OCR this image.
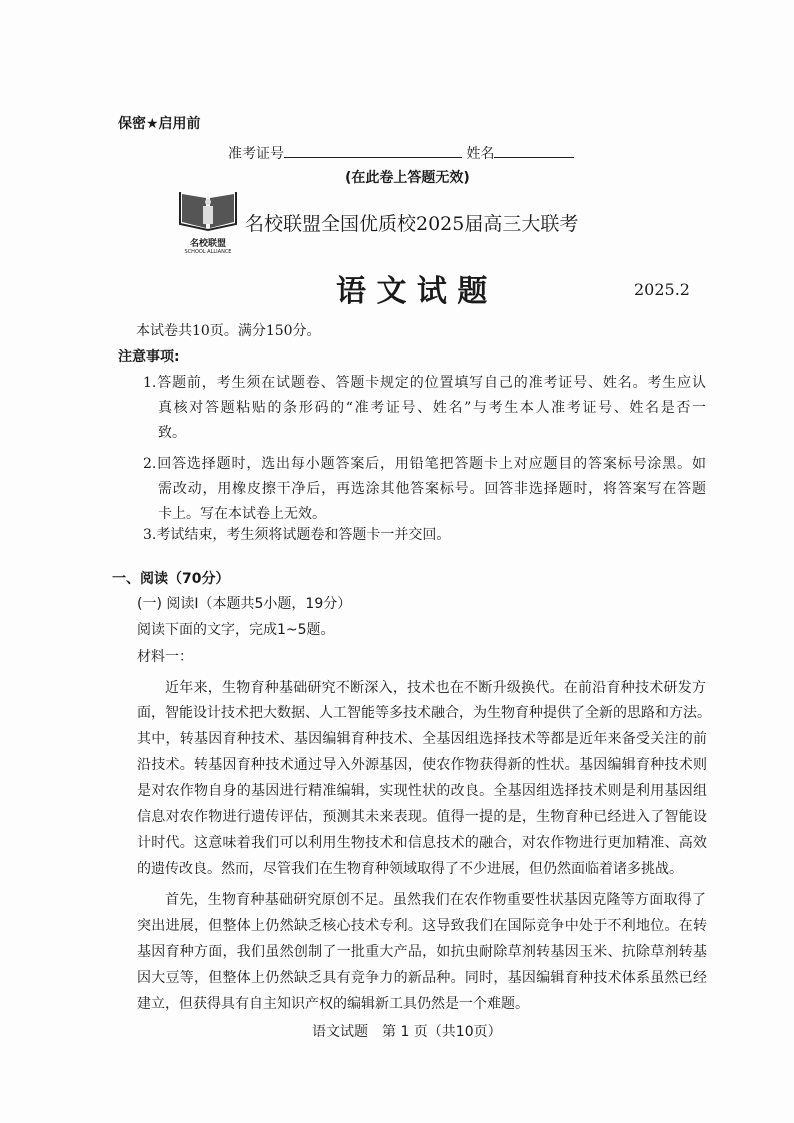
保密★启用前
准考证号	姓名
(在此卷上答题无效)
名校联盟
SCHOOL ALLIANCE
名校联盟全国优质校2025届高三大联考
语 文 试 题	2025.2
本试卷共10页。满分150分。
注意事项:
1.答题前，考生须在试题卷、答题卡规定的位置填写自己的准考证号、姓名。考生应认
真核对答题粘贴的条形码的“准考证号、姓名”与考生本人准考证号、姓名是否一
致。
2.回答选择题时，选出每小题答案后，用铅笔把答题卡上对应题目的答案标号涂黑。如
需改动，用橡皮擦干净后，再选涂其他答案标号。回答非选择题时，将答案写在答题
卡上。写在本试卷上无效。
3.考试结束，考生须将试题卷和答题卡一并交回。
一、阅读（70分）
(一) 阅读Ⅰ（本题共5小题，19分）
阅读下面的文字，完成1~5题。
材料一：
近年来，生物育种基础研究不断深入，技术也在不断升级换代。在前沿育种技术研发方
面，智能设计技术把大数据、人工智能等多技术融合，为生物育种提供了全新的思路和方法。
其中，转基因育种技术、基因编辑育种技术、全基因组选择技术等都是近年来备受关注的前
沿技术。转基因育种技术通过导入外源基因，使农作物获得新的性状。基因编辑育种技术则
是对农作物自身的基因进行精准编辑，实现性状的改良。全基因组选择技术则是利用基因组
信息对农作物进行遗传评估，预测其未来表现。值得一提的是，生物育种已经进入了智能设
计时代。这意味着我们可以利用生物技术和信息技术的融合，对农作物进行更加精准、高效
的遗传改良。然而，尽管我们在生物育种领域取得了不少进展，但仍然面临着诸多挑战。
首先，生物育种基础研究原创不足。虽然我们在农作物重要性状基因克隆等方面取得了
突出进展，但整体上仍然缺乏核心技术专利。这导致我们在国际竞争中处于不利地位。在转
基因育种方面，我们虽然创制了一批重大产品，如抗虫耐除草剂转基因玉米、抗除草剂转基
因大豆等，但整体上仍然缺乏具有竞争力的新品种。同时，基因编辑育种技术体系虽然已经
建立，但获得具有自主知识产权的编辑新工具仍然是一个难题。
语文试题　第 1 页（共10页）
